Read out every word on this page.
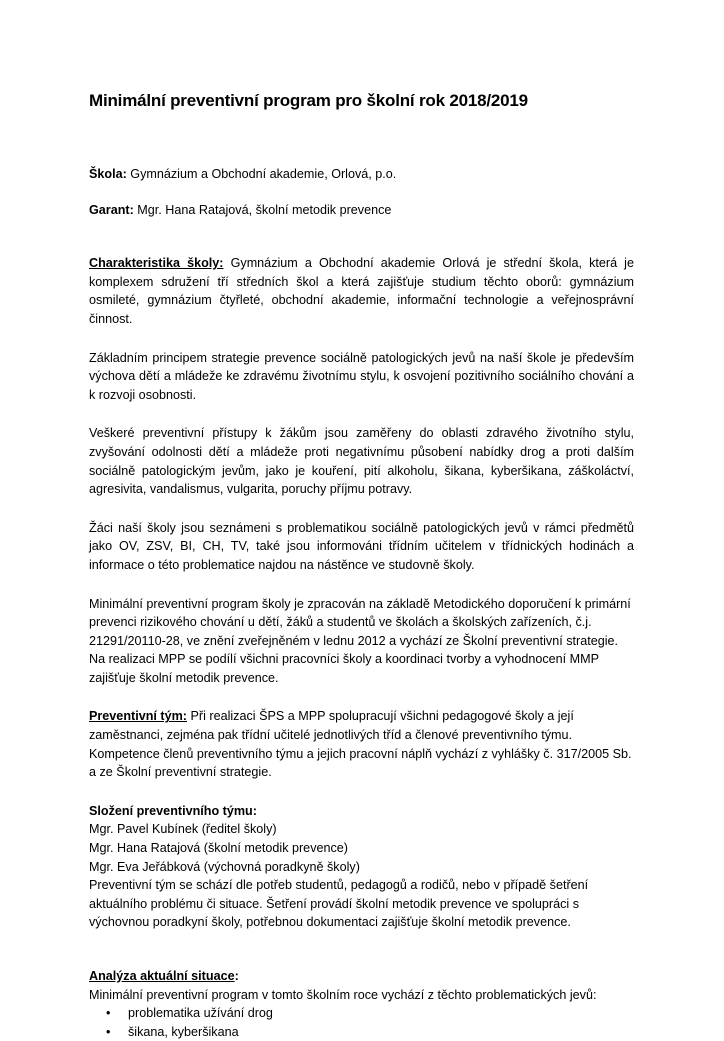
Minimální preventivní program pro školní rok 2018/2019

Škola: Gymnázium a Obchodní akademie, Orlová, p.o.

Garant: Mgr. Hana Ratajová, školní metodik prevence

Charakteristika školy: Gymnázium a Obchodní akademie Orlová je střední škola, která je komplexem sdružení tří středních škol a která zajišťuje studium těchto oborů: gymnázium osmileté, gymnázium čtyřleté, obchodní akademie, informační technologie a veřejnosprávní činnost.

Základním principem strategie prevence sociálně patologických jevů na naší škole je především výchova dětí a mládeže ke zdravému životnímu stylu, k osvojení pozitivního sociálního chování a k rozvoji osobnosti.

Veškeré preventivní přístupy k žákům jsou zaměřeny do oblasti zdravého životního stylu, zvyšování odolnosti dětí a mládeže proti negativnímu působení nabídky drog a proti dalším sociálně patologickým jevům, jako je kouření, pití alkoholu, šikana, kyberšikana, záškoláctví, agresivita, vandalismus, vulgarita, poruchy příjmu potravy.

Žáci naší školy jsou seznámeni s problematikou sociálně patologických jevů v rámci předmětů jako OV, ZSV, BI, CH, TV, také jsou informováni třídním učitelem v třídnických hodinách a informace o této problematice najdou na nástěnce ve studovně školy.

Minimální preventivní program školy je zpracován na základě Metodického doporučení k primární prevenci rizikového chování u dětí, žáků a studentů ve školách a školských zařízeních, č.j. 21291/20110-28, ve znění zveřejněném v lednu 2012 a vychází ze Školní preventivní strategie.

Na realizaci MPP se podílí všichni pracovníci školy a koordinaci tvorby a vyhodnocení MMP zajišťuje školní metodik prevence.

Preventivní tým: Při realizaci ŠPS a MPP spolupracují všichni pedagogové školy a její zaměstnanci, zejména pak třídní učitelé jednotlivých tříd a členové preventivního týmu.

Kompetence členů preventivního týmu a jejich pracovní náplň vychází z vyhlášky č. 317/2005 Sb. a ze Školní preventivní strategie.

Složení preventivního týmu:

Mgr. Pavel Kubínek (ředitel školy)

Mgr. Hana Ratajová (školní metodik prevence)

Mgr. Eva Jeřábková (výchovná poradkyně školy)

Preventivní tým se schází dle potřeb studentů, pedagogů a rodičů, nebo v případě šetření aktuálního problému či situace. Šetření provádí školní metodik prevence ve spolupráci s výchovnou poradkyní školy, potřebnou dokumentaci zajišťuje školní metodik prevence.

Analýza aktuální situace:

Minimální preventivní program v tomto školním roce vychází z těchto problematických jevů:

• problematika užívání drog
• šikana, kyberšikana
